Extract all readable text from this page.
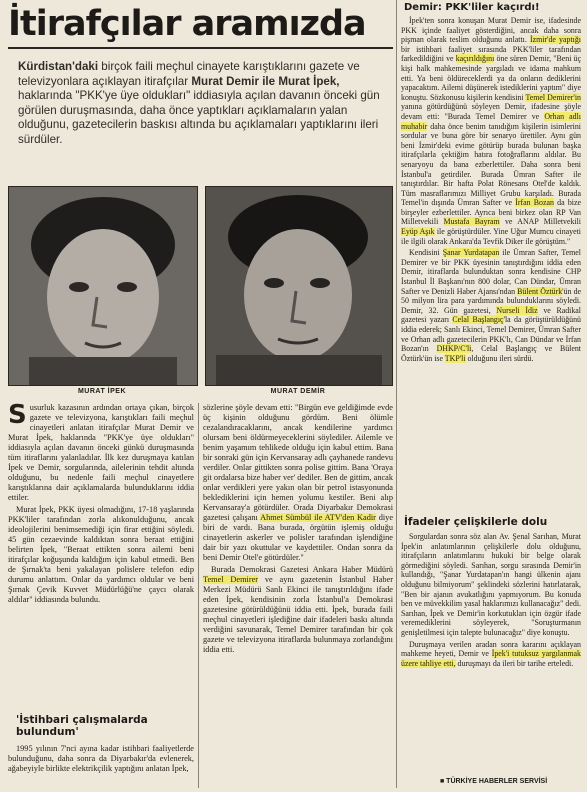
İtirafçılar aramızda
Kürdistan'daki birçok faili meçhul cinayete karıştıklarını gazete ve televizyonlara açıklayan itirafçılar Murat Demir ile Murat İpek, haklarında "PKK'ye üye oldukları" iddiasıyla açılan davanın önceki gün görülen duruşmasında, daha önce yaptıkları açıklamaların yalan olduğunu, gazetecilerin baskısı altında bu açıklamaları yaptıklarını ileri sürdüler.
MURAT İPEK	MURAT DEMİR
Susurluk kazasının ardından ortaya çıkan, birçok gazete ve televizyona, karıştıkları faili meçhul cinayetleri anlatan itirafçılar Murat Demir ve Murat İpek, haklarında "PKK'ye üye oldukları" iddiasıyla açılan davanın önceki günkü duruşmasında tüm itiraflarını yalanladılar. İlk kez duruşmaya katılan İpek ve Demir, sorgularında, ailelerinin tehdit altında olduğunu, bu nedenle faili meçhul cinayetlere karıştıklarına dair açıklamalarda bulunduklarını iddia ettiler.

Murat İpek, PKK üyesi olmadığını, 17-18 yaşlarında PKK'liler tarafından zorla alıkonulduğunu, ancak ideolojilerini benimsemediği için firar ettiğini söyledi. 45 gün cezaevinde kaldıktan sonra beraat ettiğini belirten İpek, "Beraat ettikten sonra ailemi beni itirafçılar koğuşunda kaldığım için kabul etmedi. Ben de Şırnak'ta beni yakalayan polislere telefon edip durumu anlattım. Onlar da yardımcı oldular ve beni Şırnak Çevik Kuvvet Müdürlüğü'ne çaycı olarak aldılar" iddiasında bulundu.

'İstihbari çalışmalarda bulundum'

1995 yılının 7'nci ayına kadar istihbari faaliyetlerde bulunduğunu, daha sonra da Diyarbakır'da evlenerek, ağabeyiyle birlikte elektrikçilik yaptığını anlatan İpek,

sözlerine şöyle devam etti: "Birgün eve geldiğimde evde üç kişinin olduğunu gördüm. Beni ölümle cezalandıracaklarını, ancak kendilerine yardımcı olursam beni öldürmeyeceklerini söylediler. Ailemle ve benim yaşamım tehlikede olduğu için kabul ettim. Bana bir sonraki gün için Kervansaray adlı çayhanede randevu verdiler. Onlar gittikten sonra polise gittim. Bana 'Oraya git ordalarsa bize haber ver' dediler. Ben de gittim, ancak onlar verdikleri yere yakın olan bir petrol istasyonunda beklediklerini için hemen yolumu kestiler. Beni alıp Kervansaray'a götürdüler. Orada Diyarbakır Demokrasi gazetesi çalışanı Ahmet Sümbül ile ATV'den Kadir diye biri de vardı. Bana burada, örgütün işlemiş olduğu cinayetlerin askerler ve polisler tarafından işlendiğine dair bir yazı okuttular ve kaydettiler. Ondan sonra da beni Demir Otel'e götürdüler."

Burada Demokrasi Gazetesi Ankara Haber Müdürü Temel Demirer ve aynı gazetenin İstanbul Haber Merkezi Müdürü Sanlı Ekinci ile tanıştırıldığını ifade eden İpek, kendisinin zorla İstanbul'a Demokrasi gazetesine götürüldüğünü iddia etti. İpek, burada faili meçhul cinayetleri işlediğine dair ifadeleri baskı altında verdiğini savunarak, Temel Demirer tarafından bir çok gazete ve televizyona itiraflarda bulunmaya zorlandığını iddia etti.

Demir: PKK'liler kaçırdı!

İpek'ten sonra konuşan Murat Demir ise, ifadesinde PKK içinde faaliyet gösterdiğini, ancak daha sonra pişman olarak teslim olduğunu anlattı. İzmir'de yaptığı bir istihbari faaliyet sırasında PKK'liler tarafından farkedildiğini ve kaçırıldığını öne süren Demir, "Beni üç kişi halk mahkemesinde yargıladı ve idama mahkum etti. Ya beni öldüreceklerdi ya da onların dediklerini yapacaktım. Ailemi düşünerek istediklerini yaptım" diye konuştu. Sözkonusu kişilerin kendisini Temel Demirer'in yanına götürdüğünü söyleyen Demir, ifadesine şöyle devam etti: "Burada Temel Demirer ve Orhan adlı muhabir daha önce benim tanıdığım kişilerin isimlerini sordular ve buna göre bir senaryo ürettiler. Aynı gün beni İzmir'deki evime götürüp burada bulunan başka itirafçılarla çektiğim hatıra fotoğraflarını aldılar. Bu senaryoyu da bana ezberlettiler. Daha sonra beni İstanbul'a getirdiler. Burada Ümran Safter ile tanıştırdılar. Bir hafta Polat Rönesans Otel'de kaldık. Tüm masraflarımızı Milliyet Grubu karşıladı. Burada Temel'in dışında Ümran Safter ve İrfan Bozan da bize birşeyler ezberlettiler. Ayrıca beni birkez olan RP Van Milletvekili Mustafa Bayram ve ANAP Milletvekili Eyüp Aşık ile görüştürdüler. Yine Uğur Mumcu cinayeti ile ilgili olarak Ankara'da Tevfik Diker ile görüştüm."

Kendisini Şanar Yurdatapan ile Ümran Safter, Temel Demirer ve bir PKK üyesinin tanıştırdığını iddia eden Demir, itiraflarda bulunduktan sonra kendisine CHP İstanbul İl Başkanı'nın 800 dolar, Can Dündar, Ümran Safter ve Denizli Haber Ajansı'ndan Bülent Öztürk'ün de 50 milyon lira para yardımında bulunduklarını söyledi. Demir, 32. Gün gazetesi, Nurseli İdiz ve Radikal gazetesi yazarı Celal Başlangıç'la da görüştürüldüğünü iddia ederek; Sanlı Ekinci, Temel Demirer, Ümran Safter ve Orhan adlı gazetecilerin PKK'lı, Can Dündar ve İrfan Bozan'ın DHKP/C'li, Celal Başlangıç ve Bülent Öztürk'ün ise TKP'li olduğunu ileri sürdü.

İfadeler çelişkilerle dolu

Sorgulardan sonra söz alan Av. Şenal Sarıhan, Murat İpek'in anlatımlarının çelişkilerle dolu olduğunu, itirafçıların anlatımlarını hukuki bir belge olarak görmediğini söyledi. Sarıhan, sorgu sırasında Demir'in kullandığı, "Şanar Yurdatapan'ın hangi ülkenin ajanı olduğunu bilmiyorum" şeklindeki sözlerini hatırlatarak, "Ben bir ajanın avukatlığını yapmıyorum. Bu konuda ben ve müvekkilim yasal haklarımızı kullanacağız" dedi. Sarıhan, İpek ve Demir'in korkutukları için özgür ifade veremediklerini söyleyerek, "Soruşturmanın genişletilmesi için talepte bulunacağız" diye konuştu.

Duruşmaya verilen aradan sonra kararını açıklayan mahkeme heyeti, Demir ve İpek'i tutuksuz yargılanmak üzere tahliye etti, duruşmayı da ileri bir tarihe erteledi.

■ TÜRKİYE HABERLER SERVİSİ
